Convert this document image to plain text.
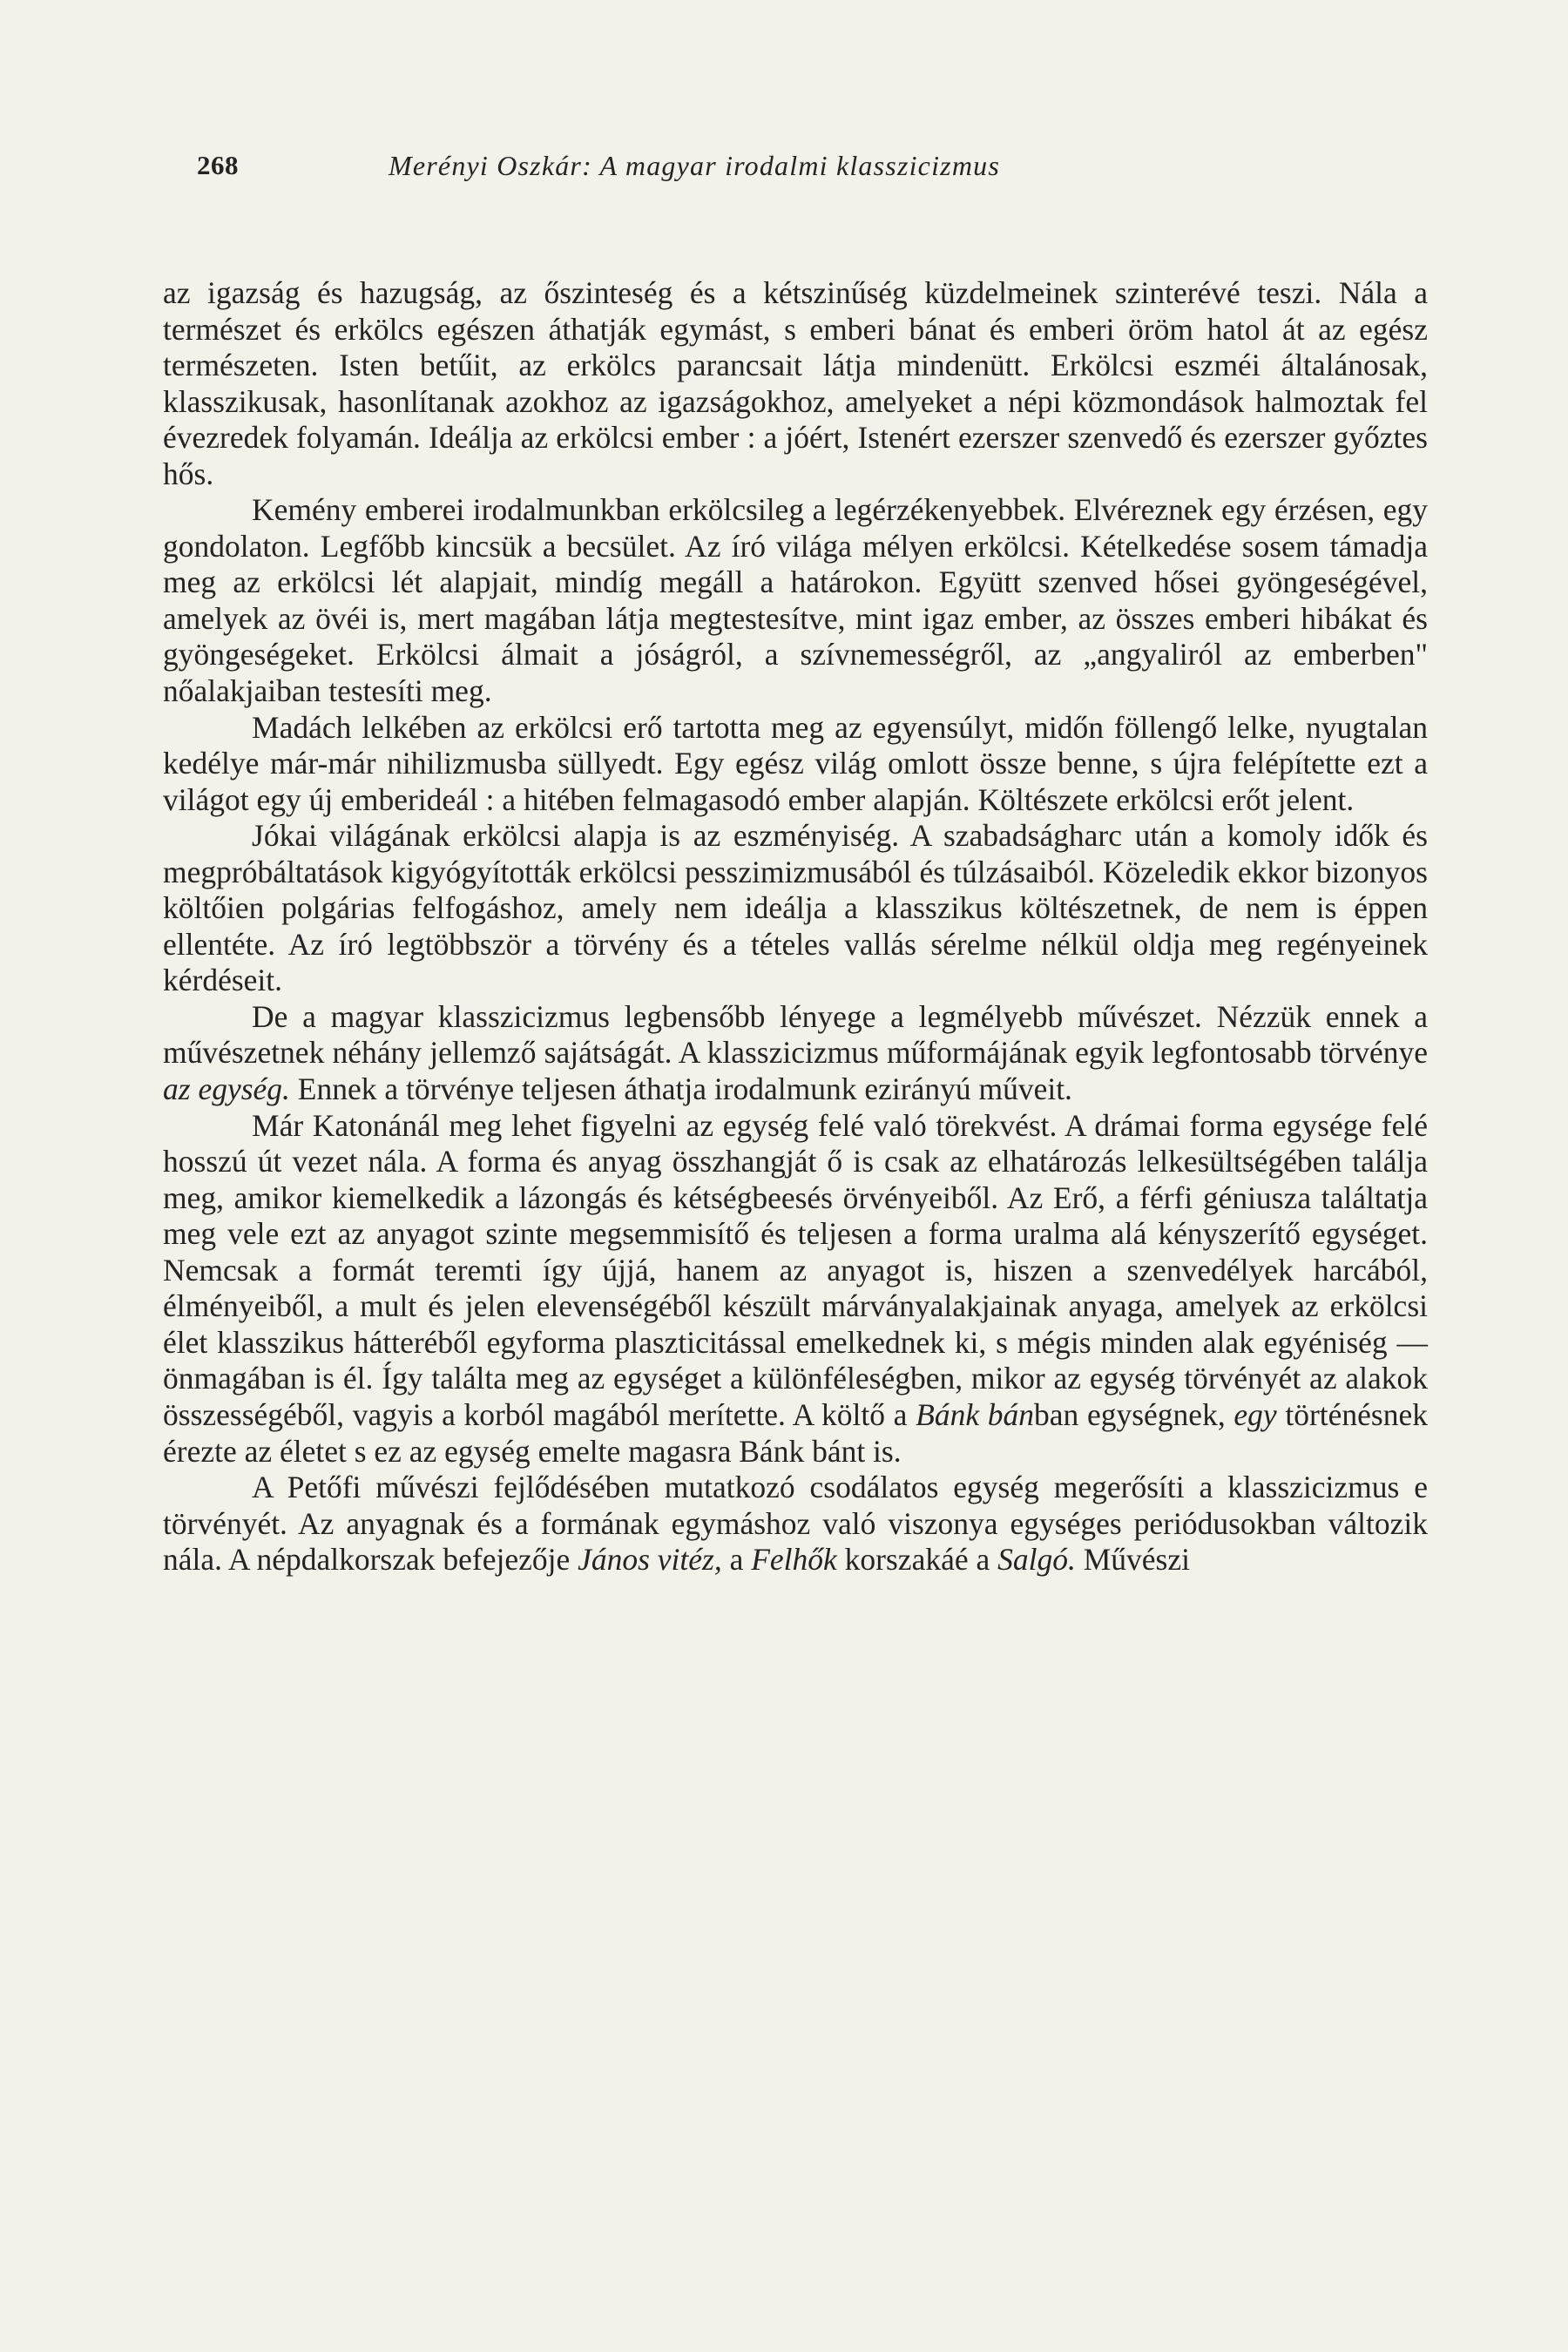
268	Merényi Oszkár: A magyar irodalmi klasszicizmus

az igazság és hazugság, az őszinteség és a kétszinűség küzdelmeinek szinterévé teszi. Nála a természet és erkölcs egészen áthatják egymást, s emberi bánat és emberi öröm hatol át az egész természeten. Isten betűit, az erkölcs parancsait látja mindenütt. Erkölcsi eszméi általánosak, klasszikusak, hasonlítanak azokhoz az igazságokhoz, amelyeket a népi közmondások halmoztak fel évezredek folyamán. Ideálja az erkölcsi ember : a jóért, Istenért ezerszer szenvedő és ezerszer győztes hős.

Kemény emberei irodalmunkban erkölcsileg a legérzékenyebbek. Elvéreznek egy érzésen, egy gondolaton. Legfőbb kincsük a becsület. Az író világa mélyen erkölcsi. Kételkedése sosem támadja meg az erkölcsi lét alapjait, mindíg megáll a határokon. Együtt szenved hősei gyöngeségével, amelyek az övéi is, mert magában látja megtestesítve, mint igaz ember, az összes emberi hibákat és gyöngeségeket. Erkölcsi álmait a jóságról, a szívnemességről, az „angyaliról az emberben" nőalakjaiban testesíti meg.

Madách lelkében az erkölcsi erő tartotta meg az egyensúlyt, midőn föllengő lelke, nyugtalan kedélye már-már nihilizmusba süllyedt. Egy egész világ omlott össze benne, s újra felépítette ezt a világot egy új emberideál : a hitében felmagasodó ember alapján. Költészete erkölcsi erőt jelent.

Jókai világának erkölcsi alapja is az eszményiség. A szabadságharc után a komoly idők és megpróbáltatások kigyógyították erkölcsi pesszimizmusából és túlzásaiból. Közeledik ekkor bizonyos költőien polgárias felfogáshoz, amely nem ideálja a klasszikus költészetnek, de nem is éppen ellentéte. Az író legtöbbször a törvény és a tételes vallás sérelme nélkül oldja meg regényeinek kérdéseit.

De a magyar klasszicizmus legbensőbb lényege a legmélyebb művészet. Nézzük ennek a művészetnek néhány jellemző sajátságát. A klasszicizmus műformájának egyik legfontosabb törvénye az egység. Ennek a törvénye teljesen áthatja irodalmunk ezirányú műveit.

Már Katonánál meg lehet figyelni az egység felé való törekvést. A drámai forma egysége felé hosszú út vezet nála. A forma és anyag összhangját ő is csak az elhatározás lelkesültségében találja meg, amikor kiemelkedik a lázongás és kétségbeesés örvényeiből. Az Erő, a férfi géniusza találtatja meg vele ezt az anyagot szinte megsemmisítő és teljesen a forma uralma alá kényszerítő egységet. Nemcsak a formát teremti így újjá, hanem az anyagot is, hiszen a szenvedélyek harcából, élményeiből, a mult és jelen elevenségéből készült márványalakjainak anyaga, amelyek az erkölcsi élet klasszikus hátteréből egyforma plaszticitással emelkednek ki, s mégis minden alak egyéniség — önmagában is él. Így találta meg az egységet a különféleségben, mikor az egység törvényét az alakok összességéből, vagyis a korból magából merítette. A költő a Bánk bánban egységnek, egy történésnek érezte az életet s ez az egység emelte magasra Bánk bánt is.

A Petőfi művészi fejlődésében mutatkozó csodálatos egység megerősíti a klasszicizmus e törvényét. Az anyagnak és a formának egymáshoz való viszonya egységes periódusokban változik nála. A népdalkorszak befejezője János vitéz, a Felhők korszakáé a Salgó. Művészi
